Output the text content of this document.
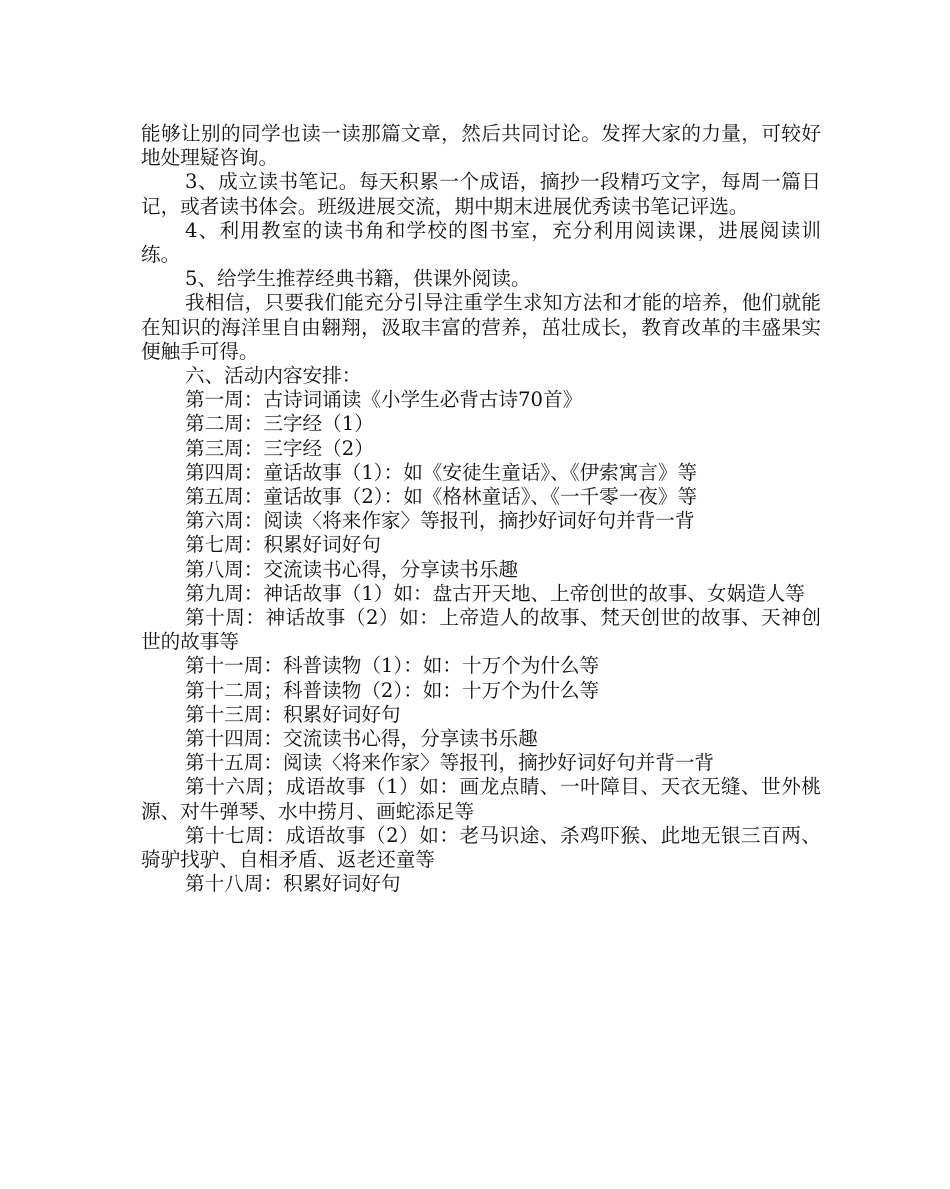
能够让别的同学也读一读那篇文章，然后共同讨论。发挥大家的力量，可较好地处理疑咨询。

3、成立读书笔记。每天积累一个成语，摘抄一段精巧文字，每周一篇日记，或者读书体会。班级进展交流，期中期末进展优秀读书笔记评选。

4、利用教室的读书角和学校的图书室，充分利用阅读课，进展阅读训练。

5、给学生推荐经典书籍，供课外阅读。

我相信，只要我们能充分引导注重学生求知方法和才能的培养，他们就能在知识的海洋里自由翱翔，汲取丰富的营养，茁壮成长，教育改革的丰盛果实便触手可得。

六、活动内容安排：

第一周：古诗词诵读《小学生必背古诗70首》

第二周：三字经（1）

第三周：三字经（2）

第四周：童话故事（1）：如《安徒生童话》、《伊索寓言》等

第五周：童话故事（2）：如《格林童话》、《一千零一夜》等

第六周：阅读〈将来作家〉等报刊，摘抄好词好句并背一背

第七周：积累好词好句

第八周：交流读书心得，分享读书乐趣

第九周：神话故事（1）如：盘古开天地、上帝创世的故事、女娲造人等

第十周：神话故事（2）如：上帝造人的故事、梵天创世的故事、天神创世的故事等

第十一周：科普读物（1）：如：十万个为什么等

第十二周；科普读物（2）：如：十万个为什么等

第十三周：积累好词好句

第十四周：交流读书心得，分享读书乐趣

第十五周：阅读〈将来作家〉等报刊，摘抄好词好句并背一背

第十六周；成语故事（1）如：画龙点睛、一叶障目、天衣无缝、世外桃源、对牛弹琴、水中捞月、画蛇添足等

第十七周：成语故事（2）如：老马识途、杀鸡吓猴、此地无银三百两、骑驴找驴、自相矛盾、返老还童等

第十八周：积累好词好句
